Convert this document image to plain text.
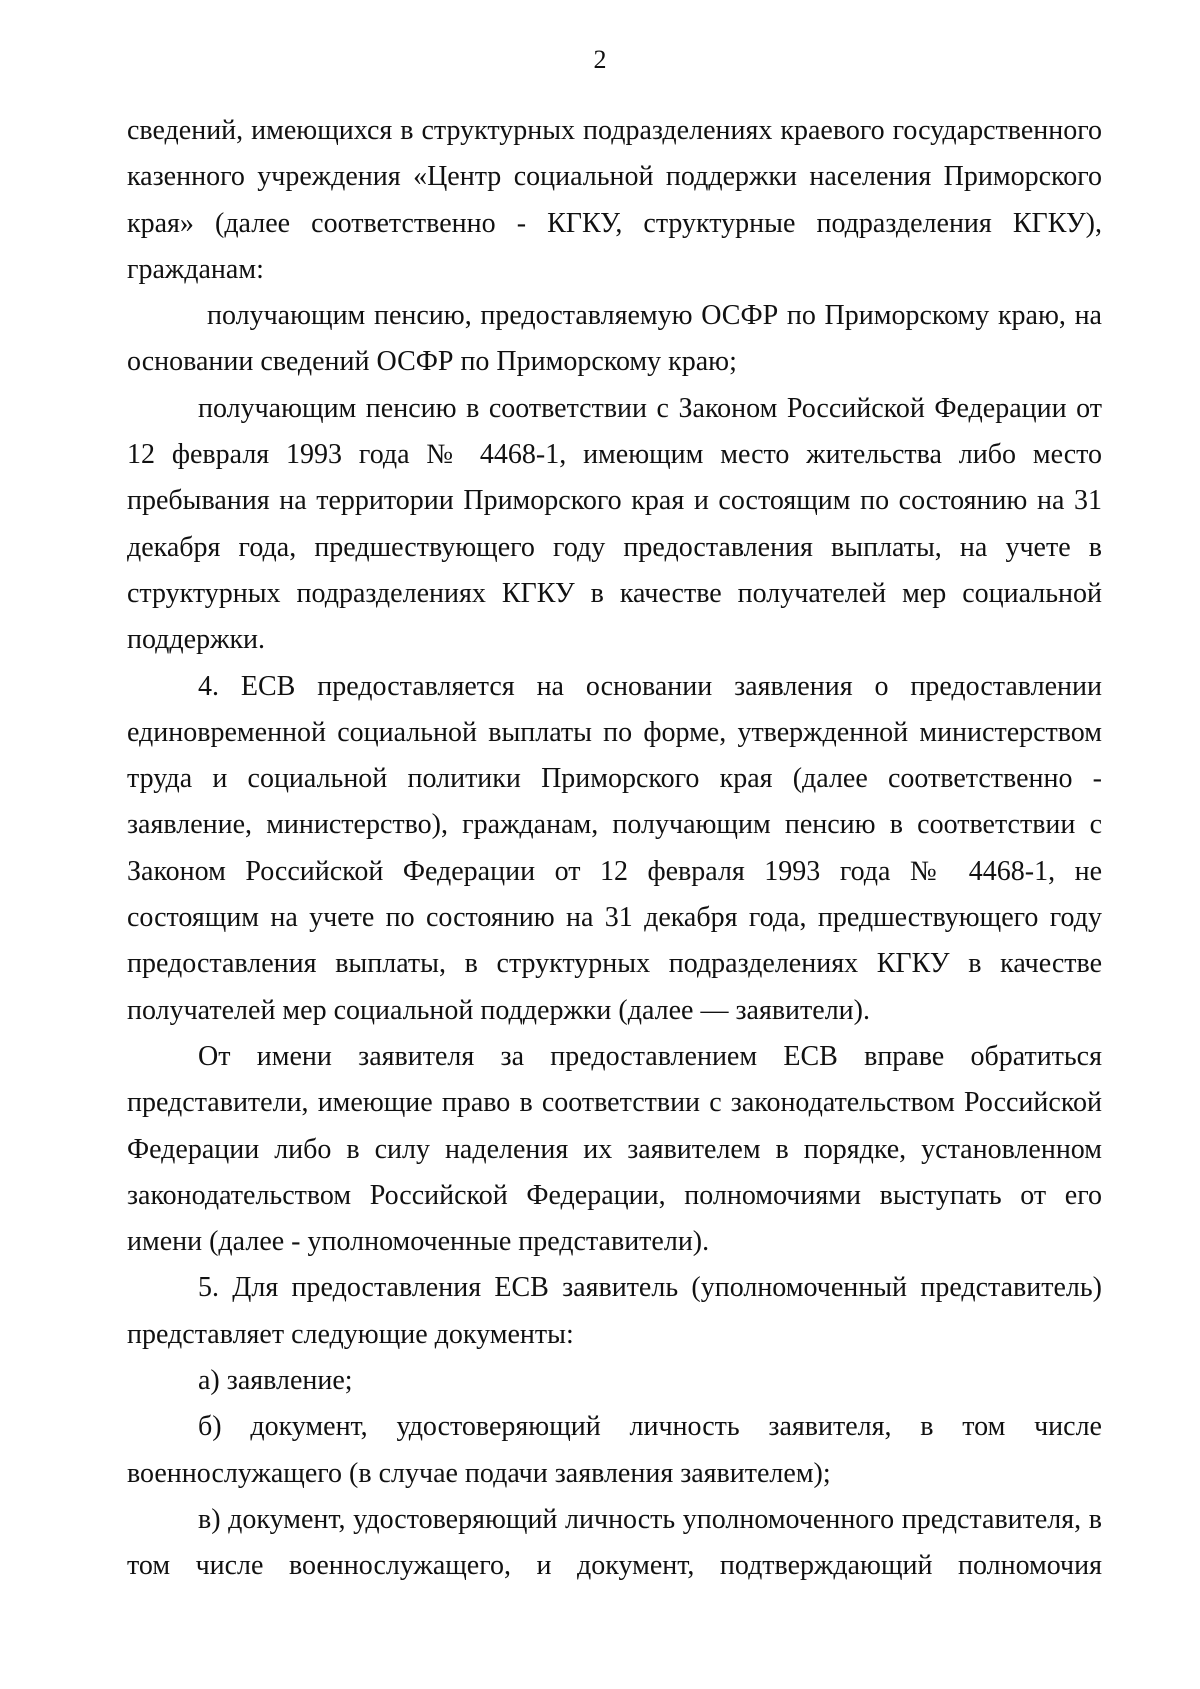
2

сведений, имеющихся в структурных подразделениях краевого государственного казенного учреждения «Центр социальной поддержки населения Приморского края» (далее соответственно - КГКУ, структурные подразделения КГКУ), гражданам:

получающим пенсию, предоставляемую ОСФР по Приморскому краю, на основании сведений ОСФР по Приморскому краю;

получающим пенсию в соответствии с Законом Российской Федерации от 12 февраля 1993 года № 4468-1, имеющим место жительства либо место пребывания на территории Приморского края и состоящим по состоянию на 31 декабря года, предшествующего году предоставления выплаты, на учете в структурных подразделениях КГКУ в качестве получателей мер социальной поддержки.

4. ЕСВ предоставляется на основании заявления о предоставлении единовременной социальной выплаты по форме, утвержденной министерством труда и социальной политики Приморского края (далее соответственно - заявление, министерство), гражданам, получающим пенсию в соответствии с Законом Российской Федерации от 12 февраля 1993 года № 4468-1, не состоящим на учете по состоянию на 31 декабря года, предшествующего году предоставления выплаты, в структурных подразделениях КГКУ в качестве получателей мер социальной поддержки (далее — заявители).

От имени заявителя за предоставлением ЕСВ вправе обратиться представители, имеющие право в соответствии с законодательством Российской Федерации либо в силу наделения их заявителем в порядке, установленном законодательством Российской Федерации, полномочиями выступать от его имени (далее - уполномоченные представители).

5. Для предоставления ЕСВ заявитель (уполномоченный представитель) представляет следующие документы:

а) заявление;

б) документ, удостоверяющий личность заявителя, в том числе военнослужащего (в случае подачи заявления заявителем);

в) документ, удостоверяющий личность уполномоченного представителя, в том числе военнослужащего, и документ, подтверждающий полномочия
